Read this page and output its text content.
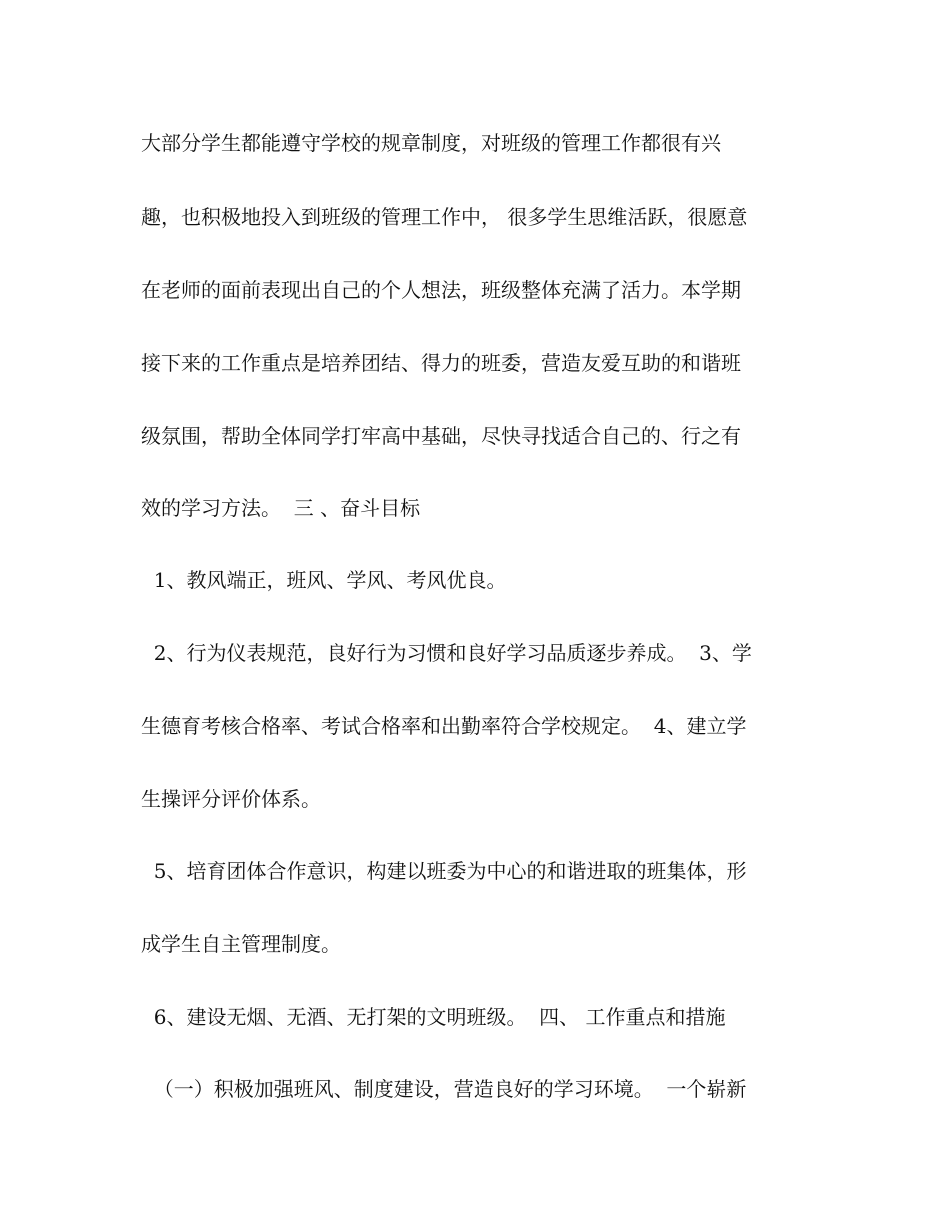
大部分学生都能遵守学校的规章制度，对班级的管理工作都很有兴
趣，也积极地投入到班级的管理工作中， 很多学生思维活跃，很愿意
在老师的面前表现出自己的个人想法，班级整体充满了活力。本学期
接下来的工作重点是培养团结、得力的班委，营造友爱互助的和谐班
级氛围，帮助全体同学打牢高中基础，尽快寻找适合自己的、行之有
效的学习方法。  三 、奋斗目标
1、教风端正，班风、学风、考风优良。
2、行为仪表规范，良好行为习惯和良好学习品质逐步养成。  3、学
生德育考核合格率、考试合格率和出勤率符合学校规定。  4、建立学
生操评分评价体系。
5、培育团体合作意识，构建以班委为中心的和谐进取的班集体，形
成学生自主管理制度。
6、建设无烟、无酒、无打架的文明班级。  四、 工作重点和措施
（一）积极加强班风、制度建设，营造良好的学习环境。  一个崭新
